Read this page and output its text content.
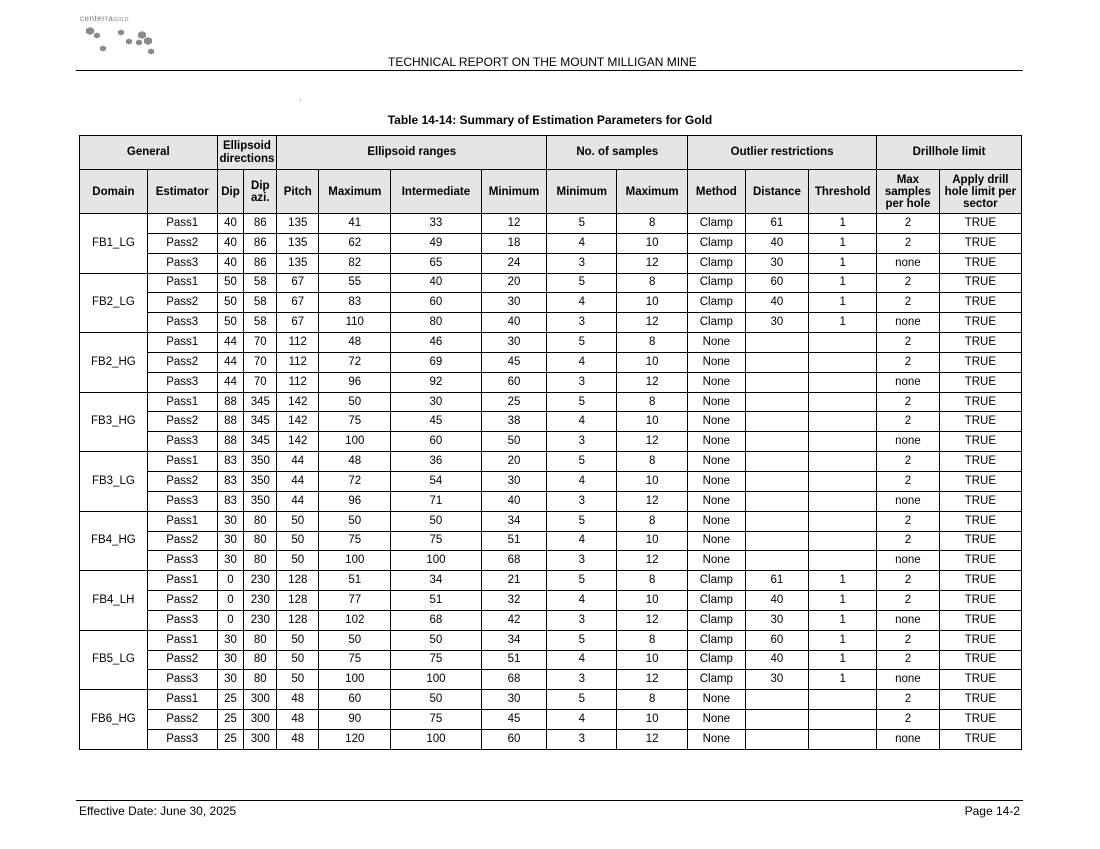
centerraGOLD
TECHNICAL REPORT ON THE MOUNT MILLIGAN MINE
Table 14-14: Summary of Estimation Parameters for Gold
General		Ellipsoid directions		Ellipsoid ranges				No. of samples		Outlier restrictions			Drillhole limit	
Domain	Estimator	Dip	Dip azi.	Pitch	Maximum	Intermediate	Minimum	Minimum	Maximum	Method	Distance	Threshold	Max samples per hole	Apply drill hole limit per sector
FB1_LG	Pass1	40	86	135	41	33	12	5	8	Clamp	61	1	2	TRUE
	Pass2	40	86	135	62	49	18	4	10	Clamp	40	1	2	TRUE
	Pass3	40	86	135	82	65	24	3	12	Clamp	30	1	none	TRUE
FB2_LG	Pass1	50	58	67	55	40	20	5	8	Clamp	60	1	2	TRUE
	Pass2	50	58	67	83	60	30	4	10	Clamp	40	1	2	TRUE
	Pass3	50	58	67	110	80	40	3	12	Clamp	30	1	none	TRUE
FB2_HG	Pass1	44	70	112	48	46	30	5	8	None			2	TRUE
	Pass2	44	70	112	72	69	45	4	10	None			2	TRUE
	Pass3	44	70	112	96	92	60	3	12	None			none	TRUE
FB3_HG	Pass1	88	345	142	50	30	25	5	8	None			2	TRUE
	Pass2	88	345	142	75	45	38	4	10	None			2	TRUE
	Pass3	88	345	142	100	60	50	3	12	None			none	TRUE
FB3_LG	Pass1	83	350	44	48	36	20	5	8	None			2	TRUE
	Pass2	83	350	44	72	54	30	4	10	None			2	TRUE
	Pass3	83	350	44	96	71	40	3	12	None			none	TRUE
FB4_HG	Pass1	30	80	50	50	50	34	5	8	None			2	TRUE
	Pass2	30	80	50	75	75	51	4	10	None			2	TRUE
	Pass3	30	80	50	100	100	68	3	12	None			none	TRUE
FB4_LH	Pass1	0	230	128	51	34	21	5	8	Clamp	61	1	2	TRUE
	Pass2	0	230	128	77	51	32	4	10	Clamp	40	1	2	TRUE
	Pass3	0	230	128	102	68	42	3	12	Clamp	30	1	none	TRUE
FB5_LG	Pass1	30	80	50	50	50	34	5	8	Clamp	60	1	2	TRUE
	Pass2	30	80	50	75	75	51	4	10	Clamp	40	1	2	TRUE
	Pass3	30	80	50	100	100	68	3	12	Clamp	30	1	none	TRUE
FB6_HG	Pass1	25	300	48	60	50	30	5	8	None			2	TRUE
	Pass2	25	300	48	90	75	45	4	10	None			2	TRUE
	Pass3	25	300	48	120	100	60	3	12	None			none	TRUE
Effective Date: June 30, 2025	Page 14-2
